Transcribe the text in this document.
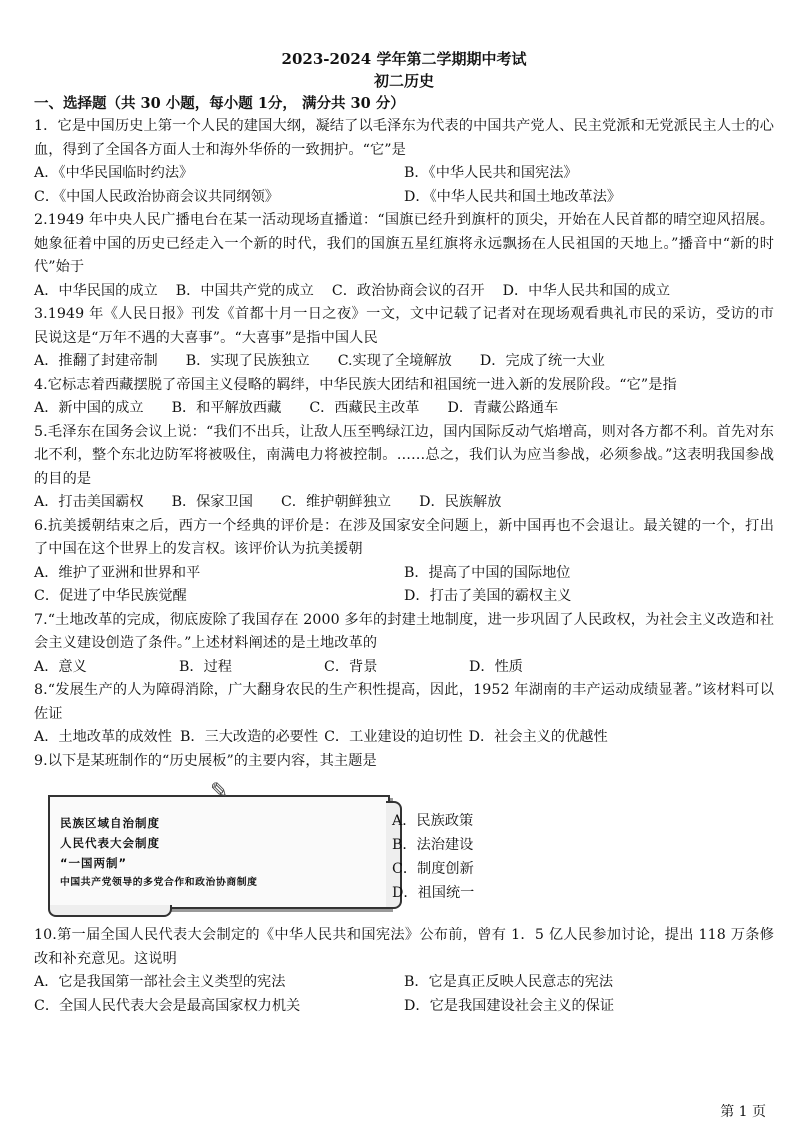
2023-2024 学年第二学期期中考试
初二历史
一、选择题（共 30 小题，每小题 1分， 满分共 30 分）
1．它是中国历史上第一个人民的建国大纲，凝结了以毛泽东为代表的中国共产党人、民主党派和无党派民主人士的心血，得到了全国各方面人士和海外华侨的一致拥护。“它”是
A．《中华民国临时约法》	B．《中华人民共和国宪法》
C．《中国人民政治协商会议共同纲领》	D．《中华人民共和国土地改革法》
2.1949 年中央人民广播电台在某一活动现场直播道：“国旗已经升到旗杆的顶尖，开始在人民首都的晴空迎风招展。她象征着中国的历史已经走入一个新的时代，我们的国旗五星红旗将永远飘扬在人民祖国的天地上。”播音中“新的时代”始于
A．中华民国的成立 B．中国共产党的成立 C．政治协商会议的召开 D．中华人民共和国的成立
3.1949 年《人民日报》刊发《首都十月一日之夜》一文，文中记载了记者对在现场观看典礼市民的采访，受访的市民说这是“万年不遇的大喜事”。“大喜事”是指中国人民
A．推翻了封建帝制 B．实现了民族独立 C.实现了全境解放 D．完成了统一大业
4.它标志着西藏摆脱了帝国主义侵略的羁绊，中华民族大团结和祖国统一进入新的发展阶段。“它”是指
A．新中国的成立 B．和平解放西藏 C．西藏民主改革 D．青藏公路通车
5.毛泽东在国务会议上说：“我们不出兵，让敌人压至鸭绿江边，国内国际反动气焰增高，则对各方都不利。首先对东北不利，整个东北边防军将被吸住，南满电力将被控制。……总之，我们认为应当参战，必须参战。”这表明我国参战的目的是
A．打击美国霸权 B．保家卫国 C．维护朝鲜独立 D．民族解放
6.抗美援朝结束之后，西方一个经典的评价是：在涉及国家安全问题上，新中国再也不会退让。最关键的一个，打出了中国在这个世界上的发言权。该评价认为抗美援朝
A．维护了亚洲和世界和平	B．提高了中国的国际地位
C．促进了中华民族觉醒	D．打击了美国的霸权主义
7.“土地改革的完成，彻底废除了我国存在 2000 多年的封建土地制度，进一步巩固了人民政权，为社会主义改造和社会主义建设创造了条件。”上述材料阐述的是土地改革的
A．意义	B．过程	C．背景	D．性质
8.“发展生产的人为障碍消除，广大翻身农民的生产积性提高，因此，1952 年湖南的丰产运动成绩显著。”该材料可以佐证
A．土地改革的成效性 B．三大改造的必要性 C．工业建设的迫切性 D．社会主义的优越性
9.以下是某班制作的“历史展板”的主要内容，其主题是
民族区域自治制度
人民代表大会制度
“一国两制”
中国共产党领导的多党合作和政治协商制度
✎
A．民族政策
B．法治建设
C．制度创新
D．祖国统一
10.第一届全国人民代表大会制定的《中华人民共和国宪法》公布前，曾有 1．5 亿人民参加讨论，提出 118 万条修改和补充意见。这说明
A．它是我国第一部社会主义类型的宪法	B．它是真正反映人民意志的宪法
C．全国人民代表大会是最高国家权力机关	D．它是我国建设社会主义的保证
第 1 页
